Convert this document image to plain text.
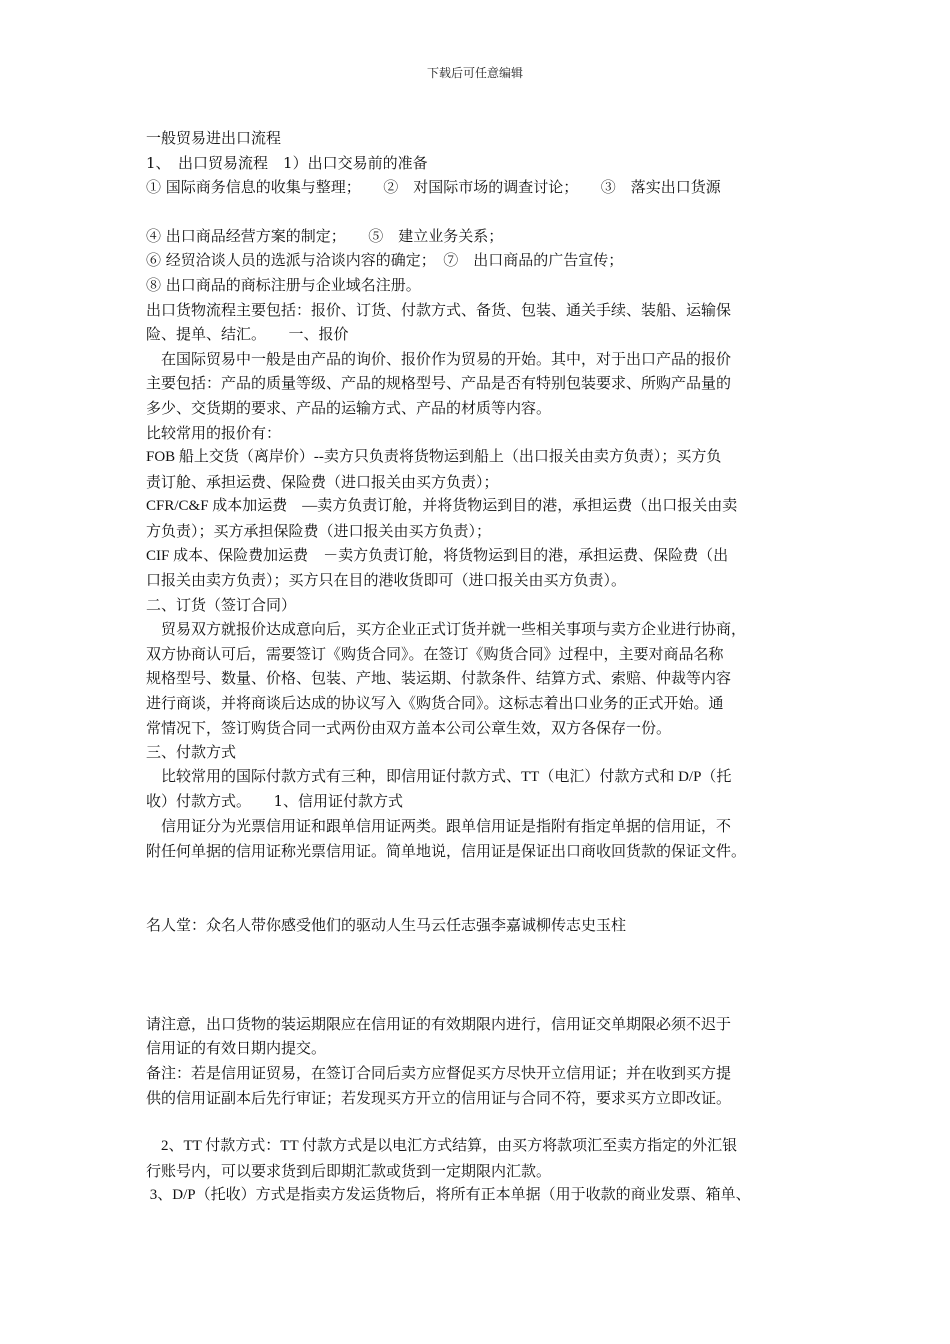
下载后可任意编辑

一般贸易进出口流程

1、　出口贸易流程　1）出口交易前的准备

① 国际商务信息的收集与整理；　　②　对国际市场的调查讨论；　　③　落实出口货源

④ 出口商品经营方案的制定；　　⑤　建立业务关系；

⑥ 经贸洽谈人员的选派与洽谈内容的确定；　⑦　出口商品的广告宣传；

⑧ 出口商品的商标注册与企业域名注册。

出口货物流程主要包括：报价、订货、付款方式、备货、包装、通关手续、装船、运输保

险、提单、结汇。　　一、报价

　在国际贸易中一般是由产品的询价、报价作为贸易的开始。其中，对于出口产品的报价

主要包括：产品的质量等级、产品的规格型号、产品是否有特别包装要求、所购产品量的

多少、交货期的要求、产品的运输方式、产品的材质等内容。

比较常用的报价有：

FOB 船上交货（离岸价）--卖方只负责将货物运到船上（出口报关由卖方负责）；买方负

责订舱、承担运费、保险费（进口报关由买方负责）；

CFR/C&F 成本加运费　—卖方负责订舱，并将货物运到目的港，承担运费（出口报关由卖

方负责）；买方承担保险费（进口报关由买方负责）；

CIF 成本、保险费加运费　－卖方负责订舱，将货物运到目的港，承担运费、保险费（出

口报关由卖方负责）；买方只在目的港收货即可（进口报关由买方负责）。

二、订货（签订合同）

　贸易双方就报价达成意向后，买方企业正式订货并就一些相关事项与卖方企业进行协商，

双方协商认可后，需要签订《购货合同》。在签订《购货合同》过程中，主要对商品名称

规格型号、数量、价格、包装、产地、装运期、付款条件、结算方式、索赔、仲裁等内容

进行商谈，并将商谈后达成的协议写入《购货合同》。这标志着出口业务的正式开始。通

常情况下，签订购货合同一式两份由双方盖本公司公章生效，双方各保存一份。

三、付款方式

　比较常用的国际付款方式有三种，即信用证付款方式、TT（电汇）付款方式和 D/P（托

收）付款方式。　　1、信用证付款方式

　信用证分为光票信用证和跟单信用证两类。跟单信用证是指附有指定单据的信用证，不

附任何单据的信用证称光票信用证。简单地说，信用证是保证出口商收回货款的保证文件。

名人堂：众名人带你感受他们的驱动人生马云任志强李嘉诚柳传志史玉柱

请注意，出口货物的装运期限应在信用证的有效期限内进行，信用证交单期限必须不迟于

信用证的有效日期内提交。

备注：若是信用证贸易，在签订合同后卖方应督促买方尽快开立信用证；并在收到买方提

供的信用证副本后先行审证；若发现买方开立的信用证与合同不符，要求买方立即改证。

　2、TT 付款方式：TT 付款方式是以电汇方式结算，由买方将款项汇至卖方指定的外汇银

行账号内，可以要求货到后即期汇款或货到一定期限内汇款。

3、D/P（托收）方式是指卖方发运货物后，将所有正本单据（用于收款的商业发票、箱单、
